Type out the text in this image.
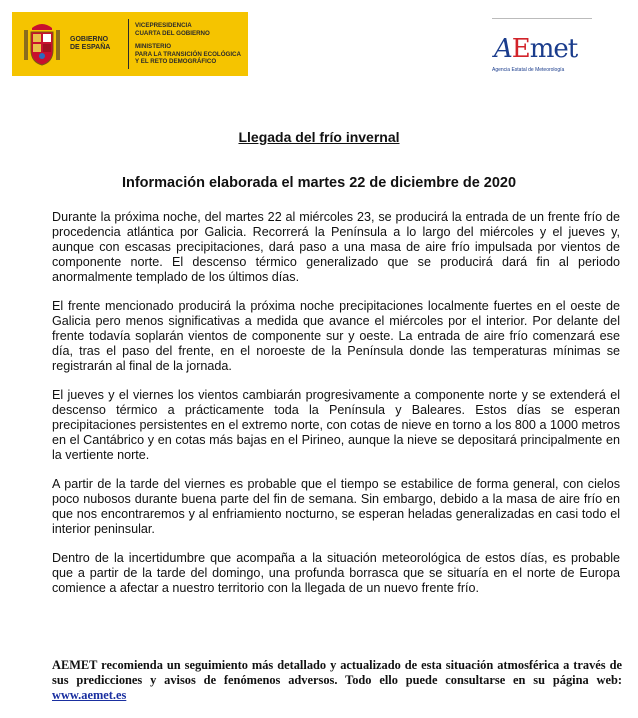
GOBIERNO
DE ESPAÑA
VICEPRESIDENCIA
CUARTA DEL GOBIERNO
MINISTERIO
PARA LA TRANSICIÓN ECOLÓGICA
Y EL RETO DEMOGRÁFICO	AEmet
Agencia Estatal de Meteorología
Llegada del frío invernal
Información elaborada el martes 22 de diciembre de 2020

Durante la próxima noche, del martes 22 al miércoles 23, se producirá la entrada de un frente frío de procedencia atlántica por Galicia. Recorrerá la Península a lo largo del miércoles y el jueves y, aunque con escasas precipitaciones, dará paso a una masa de aire frío impulsada por vientos de componente norte. El descenso térmico generalizado que se producirá dará fin al periodo anormalmente templado de los últimos días.

El frente mencionado producirá la próxima noche precipitaciones localmente fuertes en el oeste de Galicia pero menos significativas a medida que avance el miércoles por el interior. Por delante del frente todavía soplarán vientos de componente sur y oeste. La entrada de aire frío comenzará ese día, tras el paso del frente, en el noroeste de la Península donde las temperaturas mínimas se registrarán al final de la jornada.

El jueves y el viernes los vientos cambiarán progresivamente a componente norte y se extenderá el descenso térmico a prácticamente toda la Península y Baleares. Estos días se esperan precipitaciones persistentes en el extremo norte, con cotas de nieve en torno a los 800 a 1000 metros en el Cantábrico y en cotas más bajas en el Pirineo, aunque la nieve se depositará principalmente en la vertiente norte.

A partir de la tarde del viernes es probable que el tiempo se estabilice de forma general, con cielos poco nubosos durante buena parte del fin de semana. Sin embargo, debido a la masa de aire frío en que nos encontraremos y al enfriamiento nocturno, se esperan heladas generalizadas en casi todo el interior peninsular.

Dentro de la incertidumbre que acompaña a la situación meteorológica de estos días, es probable que a partir de la tarde del domingo, una profunda borrasca que se situaría en el norte de Europa comience a afectar a nuestro territorio con la llegada de un nuevo frente frío.

AEMET recomienda un seguimiento más detallado y actualizado de esta situación atmosférica a través de sus predicciones y avisos de fenómenos adversos. Todo ello puede consultarse en su página web: www.aemet.es
